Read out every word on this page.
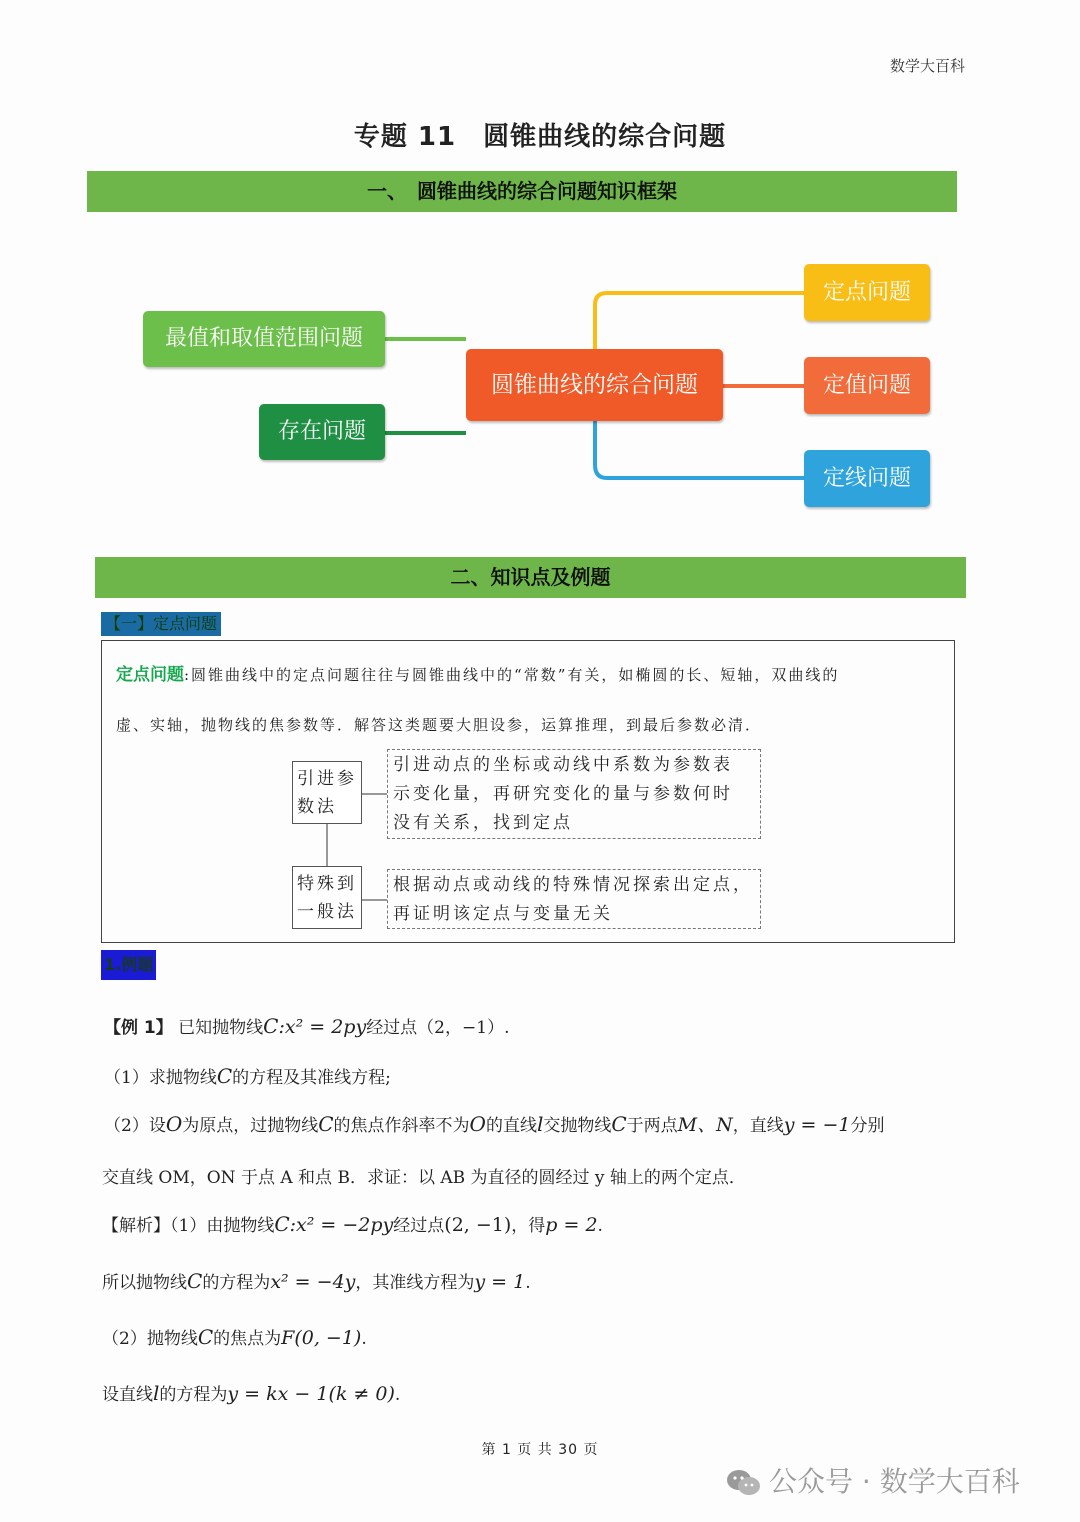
数学大百科
专题 11　圆锥曲线的综合问题
一、　圆锥曲线的综合问题知识框架
最值和取值范围问题
存在问题
圆锥曲线的综合问题
定点问题
定值问题
定线问题
二、知识点及例题
【一】定点问题
定点问题:圆锥曲线中的定点问题往往与圆锥曲线中的“常数”有关，如椭圆的长、短轴，双曲线的
虚、实轴，抛物线的焦参数等．解答这类题要大胆设参，运算推理，到最后参数必清．
引进参
数法
引进动点的坐标或动线中系数为参数表
示变化量，再研究变化的量与参数何时
没有关系，找到定点
特殊到
一般法
根据动点或动线的特殊情况探索出定点，
再证明该定点与变量无关
1.例题
【例 1】 已知抛物线C:x² = 2py经过点（2，−1）.
（1）求抛物线C的方程及其准线方程;
（2）设O为原点，过抛物线C的焦点作斜率不为O的直线l交抛物线C于两点M、N，直线y = −1分别
交直线 OM，ON 于点 A 和点 B．求证：以 AB 为直径的圆经过 y 轴上的两个定点．
【解析】（1）由抛物线C:x² = −2py经过点(2, −1)，得p = 2.
所以抛物线C的方程为x² = −4y，其准线方程为y = 1.
（2）抛物线C的焦点为F(0, −1).
设直线l的方程为y = kx − 1(k ≠ 0).
第 1 页 共 30 页
公众号 · 数学大百科
